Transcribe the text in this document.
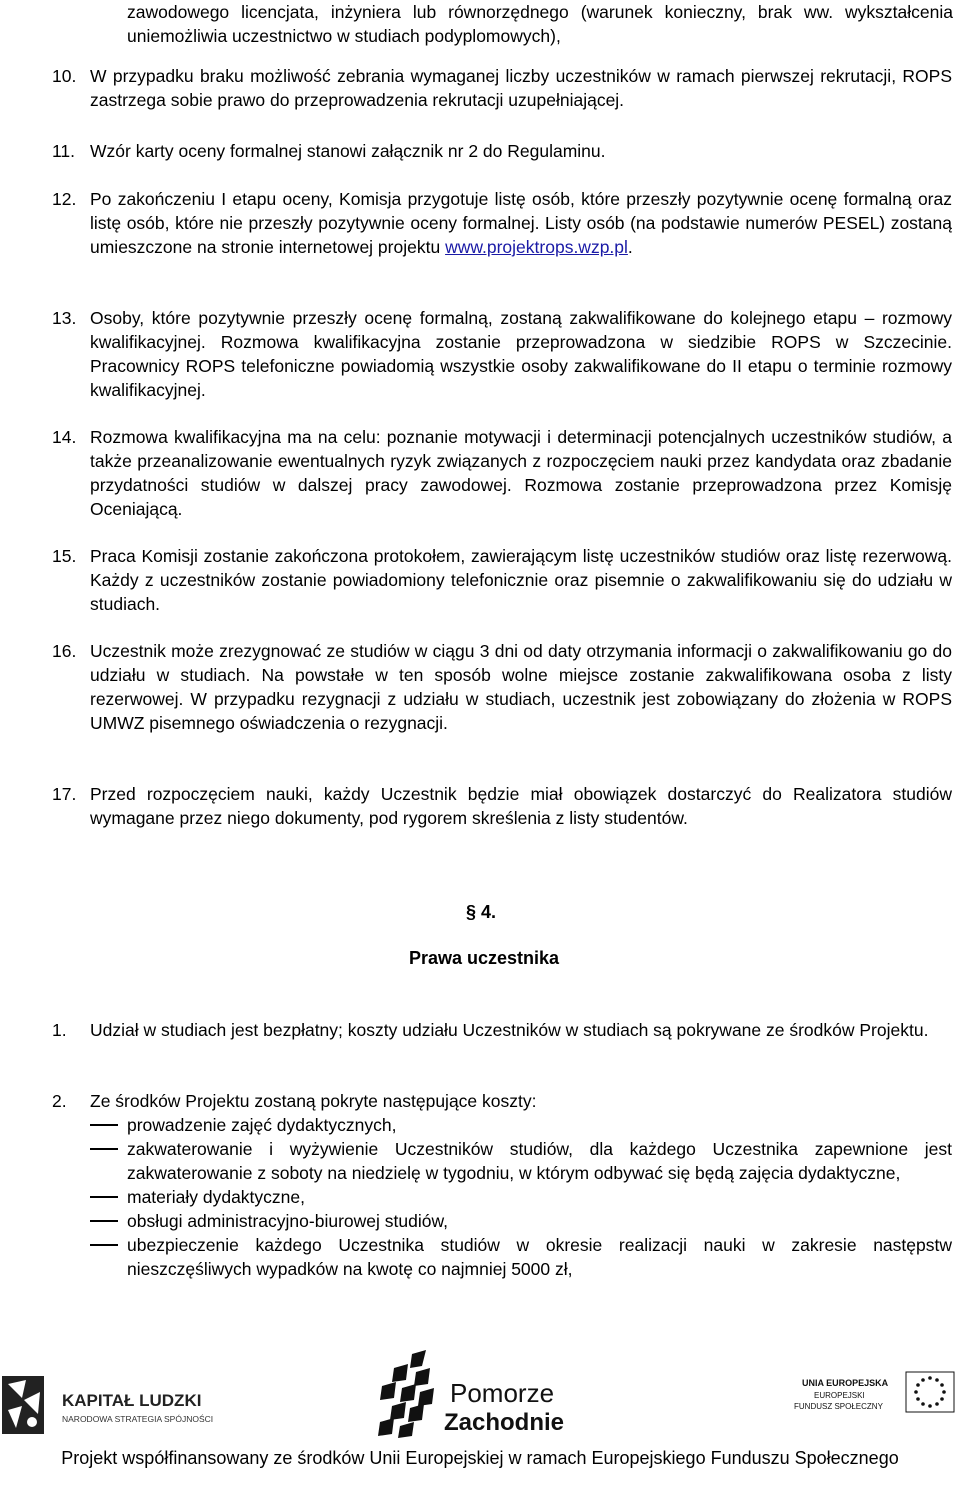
zawodowego licencjata, inżyniera lub równorzędnego (warunek konieczny, brak ww. wykształcenia uniemożliwia uczestnictwo w studiach podyplomowych),

10. W przypadku braku możliwość zebrania wymaganej liczby uczestników w ramach pierwszej rekrutacji, ROPS zastrzega sobie prawo do przeprowadzenia rekrutacji uzupełniającej.

11. Wzór karty oceny formalnej stanowi załącznik nr 2 do Regulaminu.

12. Po zakończeniu I etapu oceny, Komisja przygotuje listę osób, które przeszły pozytywnie ocenę formalną oraz listę osób, które nie przeszły pozytywnie oceny formalnej. Listy osób (na podstawie numerów PESEL) zostaną umieszczone na stronie internetowej projektu www.projektrops.wzp.pl.

13. Osoby, które pozytywnie przeszły ocenę formalną, zostaną zakwalifikowane do kolejnego etapu – rozmowy kwalifikacyjnej. Rozmowa kwalifikacyjna zostanie przeprowadzona w siedzibie ROPS w Szczecinie. Pracownicy ROPS telefoniczne powiadomią wszystkie osoby zakwalifikowane do II etapu o terminie rozmowy kwalifikacyjnej.

14. Rozmowa kwalifikacyjna ma na celu: poznanie motywacji i determinacji potencjalnych uczestników studiów, a także przeanalizowanie ewentualnych ryzyk związanych z rozpoczęciem nauki przez kandydata oraz zbadanie przydatności studiów w dalszej pracy zawodowej. Rozmowa zostanie przeprowadzona przez Komisję Oceniającą.

15. Praca Komisji zostanie zakończona protokołem, zawierającym listę uczestników studiów oraz listę rezerwową. Każdy z uczestników zostanie powiadomiony telefonicznie oraz pisemnie o zakwalifikowaniu się do udziału w studiach.

16. Uczestnik może zrezygnować ze studiów w ciągu 3 dni od daty otrzymania informacji o zakwalifikowaniu go do udziału w studiach. Na powstałe w ten sposób wolne miejsce zostanie zakwalifikowana osoba z listy rezerwowej. W przypadku rezygnacji z udziału w studiach, uczestnik jest zobowiązany do złożenia w ROPS UMWZ pisemnego oświadczenia o rezygnacji.

17. Przed rozpoczęciem nauki, każdy Uczestnik będzie miał obowiązek dostarczyć do Realizatora studiów wymagane przez niego dokumenty, pod rygorem skreślenia z listy studentów.

§ 4.
Prawa uczestnika

1. Udział w studiach jest bezpłatny; koszty udziału Uczestników w studiach są pokrywane ze środków Projektu.

2. Ze środków Projektu zostaną pokryte następujące koszty:

prowadzenie zajęć dydaktycznych,
zakwaterowanie i wyżywienie Uczestników studiów, dla każdego Uczestnika zapewnione jest zakwaterowanie z soboty na niedzielę w tygodniu, w którym odbywać się będą zajęcia dydaktyczne,
materiały dydaktyczne,
obsługi administracyjno-biurowej studiów,
ubezpieczenie każdego Uczestnika studiów w okresie realizacji nauki w zakresie następstw nieszczęśliwych wypadków na kwotę co najmniej 5000 zł,
KAPITAŁ LUDZKI
NARODOWA STRATEGIA SPÓJNOŚCI
Pomorze
Zachodnie
UNIA EUROPEJSKA
EUROPEJSKI
FUNDUSZ SPOŁECZNY
Projekt współfinansowany ze środków Unii Europejskiej w ramach Europejskiego Funduszu Społecznego
